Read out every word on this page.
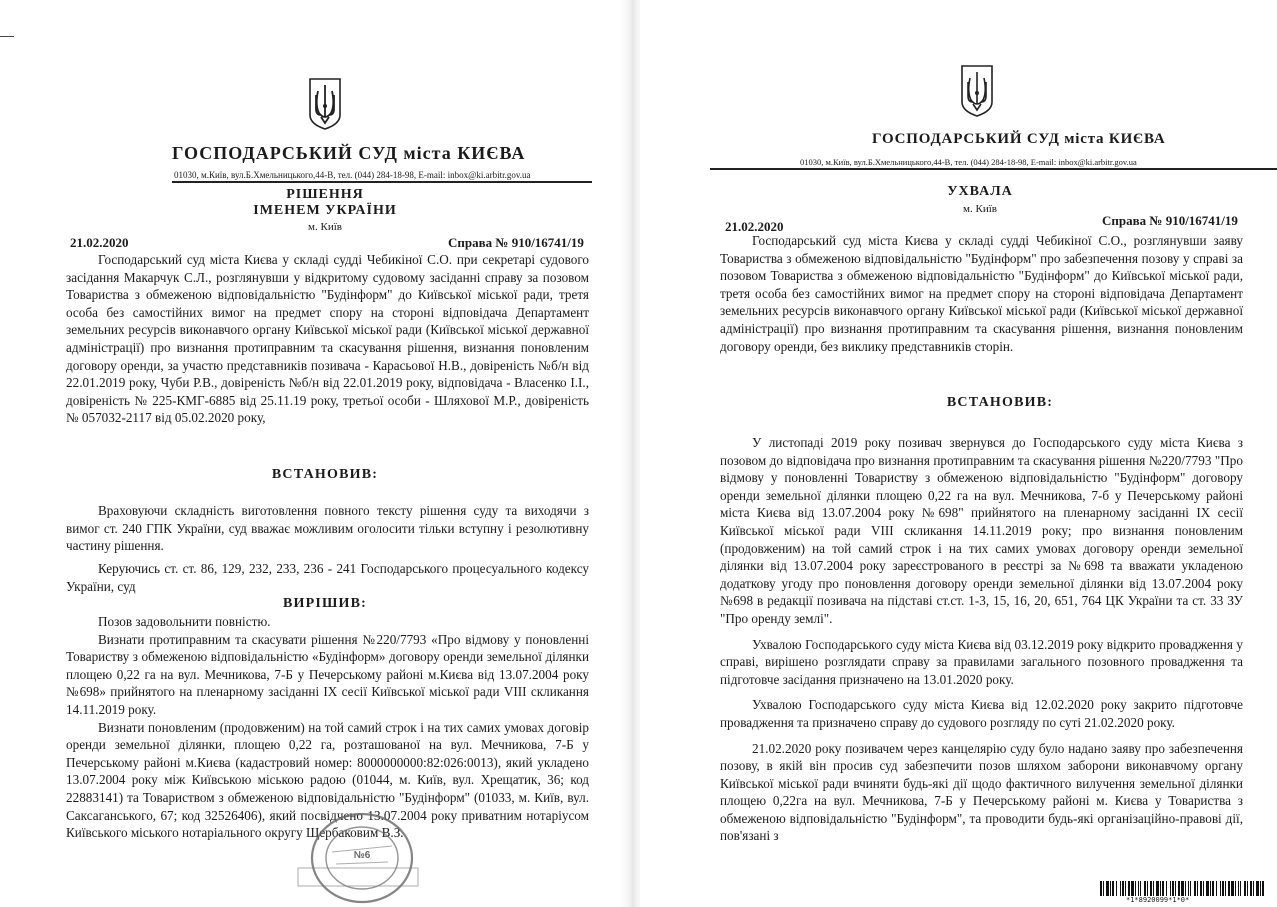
ГОСПОДАРСЬКИЙ СУД міста КИЄВА
01030, м.Київ, вул.Б.Хмельницького,44-В, тел. (044) 284-18-98, E-mail: inbox@ki.arbitr.gov.ua
РІШЕННЯ
ІМЕНЕМ УКРАЇНИ
м. Київ
21.02.2020	Справа № 910/16741/19

Господарський суд міста Києва у складі судді Чебикіної С.О. при секретарі судового засідання Макарчук С.Л., розглянувши у відкритому судовому засіданні справу за позовом Товариства з обмеженою відповідальністю "Будінформ" до Київської міської ради, третя особа без самостійних вимог на предмет спору на стороні відповідача Департамент земельних ресурсів виконавчого органу Київської міської ради (Київської міської державної адміністрації) про визнання протиправним та скасування рішення, визнання поновленим договору оренди, за участю представників позивача - Карасьової Н.В., довіреність №б/н від 22.01.2019 року, Чуби Р.В., довіреність №б/н від 22.01.2019 року, відповідача - Власенко І.І., довіреність № 225-КМГ-6885 від 25.11.19 року, третьої особи - Шляхової М.Р., довіреність № 057032-2117 від 05.02.2020 року,

ВСТАНОВИВ:

Враховуючи складність виготовлення повного тексту рішення суду та виходячи з вимог ст. 240 ГПК України, суд вважає можливим оголосити тільки вступну і резолютивну частину рішення.

Керуючись ст. ст. 86, 129, 232, 233, 236 - 241 Господарського процесуального кодексу України, суд

ВИРІШИВ:

Позов задовольнити повністю.

Визнати протиправним та скасувати рішення №220/7793 «Про відмову у поновленні Товариству з обмеженою відповідальністю «Будінформ» договору оренди земельної ділянки площею 0,22 га на вул. Мечникова, 7-Б у Печерському районі м.Києва від 13.07.2004 року №698» прийнятого на пленарному засіданні IX сесії Київської міської ради VIII скликання 14.11.2019 року.

Визнати поновленим (продовженим) на той самий строк і на тих самих умовах договір оренди земельної ділянки, площею 0,22 га, розташованої на вул. Мечникова, 7-Б у Печерському районі м.Києва (кадастровий номер: 8000000000:82:026:0013), який укладено 13.07.2004 року між Київською міською радою (01044, м. Київ, вул. Хрещатик, 36; код 22883141) та Товариством з обмеженою відповідальністю "Будінформ" (01033, м. Київ, вул. Саксаганського, 67; код 32526406), який посвідчено 13.07.2004 року приватним нотаріусом Київського міського нотаріального округу Щербаковим В.З.

№6
ГОСПОДАРСЬКИЙ СУД міста КИЄВА
01030, м.Київ, вул.Б.Хмельницького,44-В, тел. (044) 284-18-98, E-mail: inbox@ki.arbitr.gov.ua
УХВАЛА
м. Київ
21.02.2020	Справа № 910/16741/19

Господарський суд міста Києва у складі судді Чебикіної С.О., розглянувши заяву Товариства з обмеженою відповідальністю "Будінформ" про забезпечення позову у справі за позовом Товариства з обмеженою відповідальністю "Будінформ" до Київської міської ради, третя особа без самостійних вимог на предмет спору на стороні відповідача Департамент земельних ресурсів виконавчого органу Київської міської ради (Київської міської державної адміністрації) про визнання протиправним та скасування рішення, визнання поновленим договору оренди, без виклику представників сторін.

ВСТАНОВИВ:

У листопаді 2019 року позивач звернувся до Господарського суду міста Києва з позовом до відповідача про визнання протиправним та скасування рішення №220/7793 "Про відмову у поновленні Товариству з обмеженою відповідальністю "Будінформ" договору оренди земельної ділянки площею 0,22 га на вул. Мечникова, 7-б у Печерському районі міста Києва від 13.07.2004 року №698" прийнятого на пленарному засіданні IX сесії Київської міської ради VIII скликання 14.11.2019 року; про визнання поновленим (продовженим) на той самий строк і на тих самих умовах договору оренди земельної ділянки від 13.07.2004 року зареєстрованого в реєстрі за №698 та вважати укладеною додаткову угоду про поновлення договору оренди земельної ділянки від 13.07.2004 року №698 в редакції позивача на підставі ст.ст. 1-3, 15, 16, 20, 651, 764 ЦК України та ст. 33 ЗУ "Про оренду землі".

Ухвалою Господарського суду міста Києва від 03.12.2019 року відкрито провадження у справі, вирішено розглядати справу за правилами загального позовного провадження та підготовче засідання призначено на 13.01.2020 року.

Ухвалою Господарського суду міста Києва від 12.02.2020 року закрито підготовче провадження та призначено справу до судового розгляду по суті 21.02.2020 року.

21.02.2020 року позивачем через канцелярію суду було надано заяву про забезпечення позову, в якій він просив суд забезпечити позов шляхом заборони виконавчому органу Київської міської ради вчиняти будь-які дії щодо фактичного вилучення земельної ділянки площею 0,22га на вул. Мечникова, 7-Б у Печерському районі м. Києва у Товариства з обмеженою відповідальністю "Будінформ", та проводити будь-які організаційно-правові дії, пов'язані з

*1*8920099*1*0*
